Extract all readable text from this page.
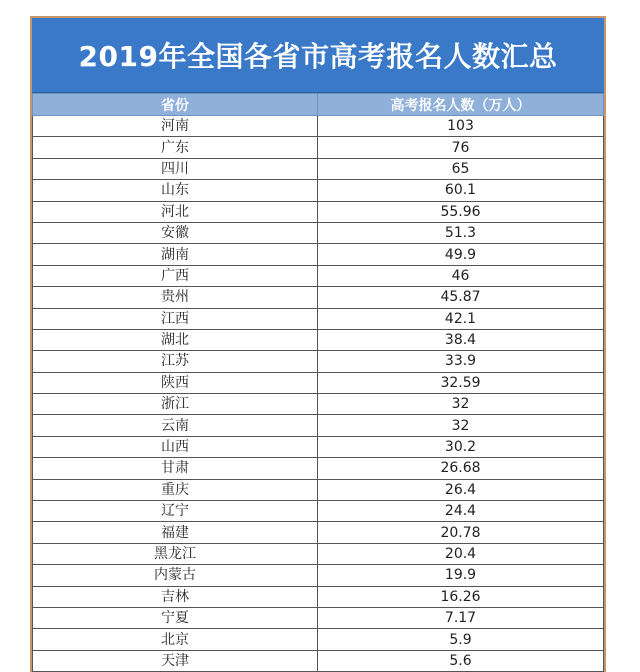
2019年全国各省市高考报名人数汇总
省份	高考报名人数（万人）
河南	103
广东	76
四川	65
山东	60.1
河北	55.96
安徽	51.3
湖南	49.9
广西	46
贵州	45.87
江西	42.1
湖北	38.4
江苏	33.9
陕西	32.59
浙江	32
云南	32
山西	30.2
甘肃	26.68
重庆	26.4
辽宁	24.4
福建	20.78
黑龙江	20.4
内蒙古	19.9
吉林	16.26
宁夏	7.17
北京	5.9
天津	5.6
